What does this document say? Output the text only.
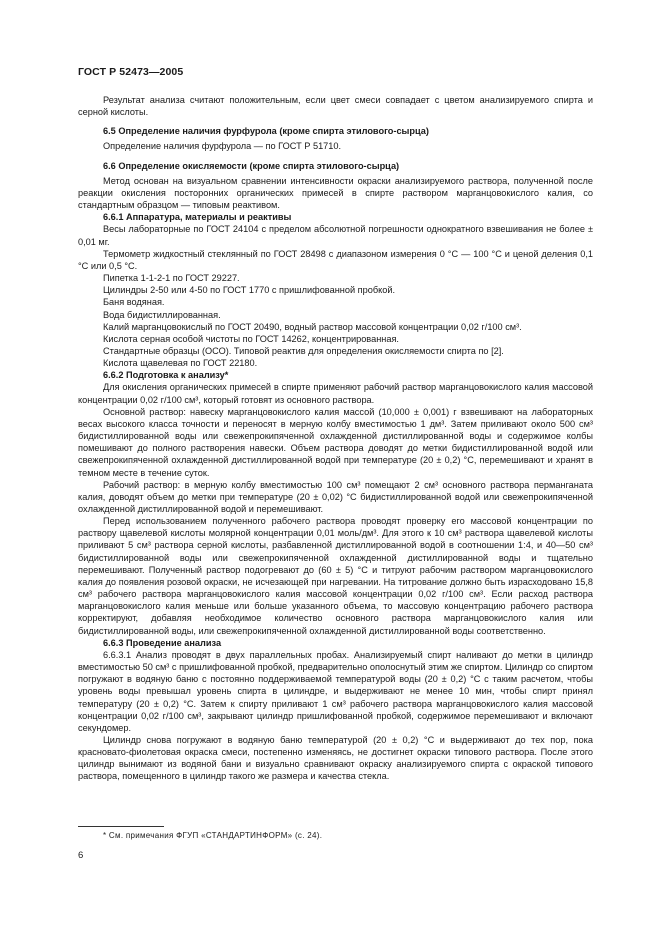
ГОСТ Р 52473—2005

Результат анализа считают положительным, если цвет смеси совпадает с цветом анализируемого спирта и серной кислоты.

6.5 Определение наличия фурфурола (кроме спирта этилового-сырца)

Определение наличия фурфурола — по ГОСТ Р 51710.

6.6 Определение окисляемости (кроме спирта этилового-сырца)

Метод основан на визуальном сравнении интенсивности окраски анализируемого раствора, полученной после реакции окисления посторонних органических примесей в спирте раствором марганцовокислого калия, со стандартным образцом — типовым реактивом.

6.6.1 Аппаратура, материалы и реактивы

Весы лабораторные по ГОСТ 24104 с пределом абсолютной погрешности однократного взвешивания не более ± 0,01 мг.

Термометр жидкостный стеклянный по ГОСТ 28498 с диапазоном измерения 0 °С — 100 °С и ценой деления 0,1 °С или 0,5 °С.

Пипетка 1-1-2-1 по ГОСТ 29227.

Цилиндры 2-50 или 4-50 по ГОСТ 1770 с пришлифованной пробкой.

Баня водяная.

Вода бидистиллированная.

Калий марганцовокислый по ГОСТ 20490, водный раствор массовой концентрации 0,02 г/100 см³.

Кислота серная особой чистоты по ГОСТ 14262, концентрированная.

Стандартные образцы (ОСО). Типовой реактив для определения окисляемости спирта по [2].

Кислота щавелевая по ГОСТ 22180.

6.6.2 Подготовка к анализу*

Для окисления органических примесей в спирте применяют рабочий раствор марганцовокислого калия массовой концентрации 0,02 г/100 см³, который готовят из основного раствора.

Основной раствор: навеску марганцовокислого калия массой (10,000 ± 0,001) г взвешивают на лабораторных весах высокого класса точности и переносят в мерную колбу вместимостью 1 дм³. Затем приливают около 500 см³ бидистиллированной воды или свежепрокипяченной охлажденной дистиллированной воды и содержимое колбы помешивают до полного растворения навески. Объем раствора доводят до метки бидистиллированной водой или свежепрокипяченной охлажденной дистиллированной водой при температуре (20 ± 0,2) °С, перемешивают и хранят в темном месте в течение суток.

Рабочий раствор: в мерную колбу вместимостью 100 см³ помещают 2 см³ основного раствора перманганата калия, доводят объем до метки при температуре (20 ± 0,02) °С бидистиллированной водой или свежепрокипяченной охлажденной дистиллированной водой и перемешивают.

Перед использованием полученного рабочего раствора проводят проверку его массовой концентрации по раствору щавелевой кислоты молярной концентрации 0,01 моль/дм³. Для этого к 10 см³ раствора щавелевой кислоты приливают 5 см³ раствора серной кислоты, разбавленной дистиллированной водой в соотношении 1:4, и 40—50 см³ бидистиллированной воды или свежепрокипяченной охлажденной дистиллированной воды и тщательно перемешивают. Полученный раствор подогревают до (60 ± 5) °С и титруют рабочим раствором марганцовокислого калия до появления розовой окраски, не исчезающей при нагревании. На титрование должно быть израсходовано 15,8 см³ рабочего раствора марганцовокислого калия массовой концентрации 0,02 г/100 см³. Если расход раствора марганцовокислого калия меньше или больше указанного объема, то массовую концентрацию рабочего раствора корректируют, добавляя необходимое количество основного раствора марганцовокислого калия или бидистиллированной воды, или свежепрокипяченной охлажденной дистиллированной воды соответственно.

6.6.3 Проведение анализа

6.6.3.1 Анализ проводят в двух параллельных пробах. Анализируемый спирт наливают до метки в цилиндр вместимостью 50 см³ с пришлифованной пробкой, предварительно ополоснутый этим же спиртом. Цилиндр со спиртом погружают в водяную баню с постоянно поддерживаемой температурой воды (20 ± 0,2) °С с таким расчетом, чтобы уровень воды превышал уровень спирта в цилиндре, и выдерживают не менее 10 мин, чтобы спирт принял температуру (20 ± 0,2) °С. Затем к спирту приливают 1 см³ рабочего раствора марганцовокислого калия массовой концентрации 0,02 г/100 см³, закрывают цилиндр пришлифованной пробкой, содержимое перемешивают и включают секундомер.

Цилиндр снова погружают в водяную баню температурой (20 ± 0,2) °С и выдерживают до тех пор, пока красновато-фиолетовая окраска смеси, постепенно изменяясь, не достигнет окраски типового раствора. После этого цилиндр вынимают из водяной бани и визуально сравнивают окраску анализируемого спирта с окраской типового раствора, помещенного в цилиндр такого же размера и качества стекла.

* См. примечания ФГУП «СТАНДАРТИНФОРМ» (с. 24).
6
